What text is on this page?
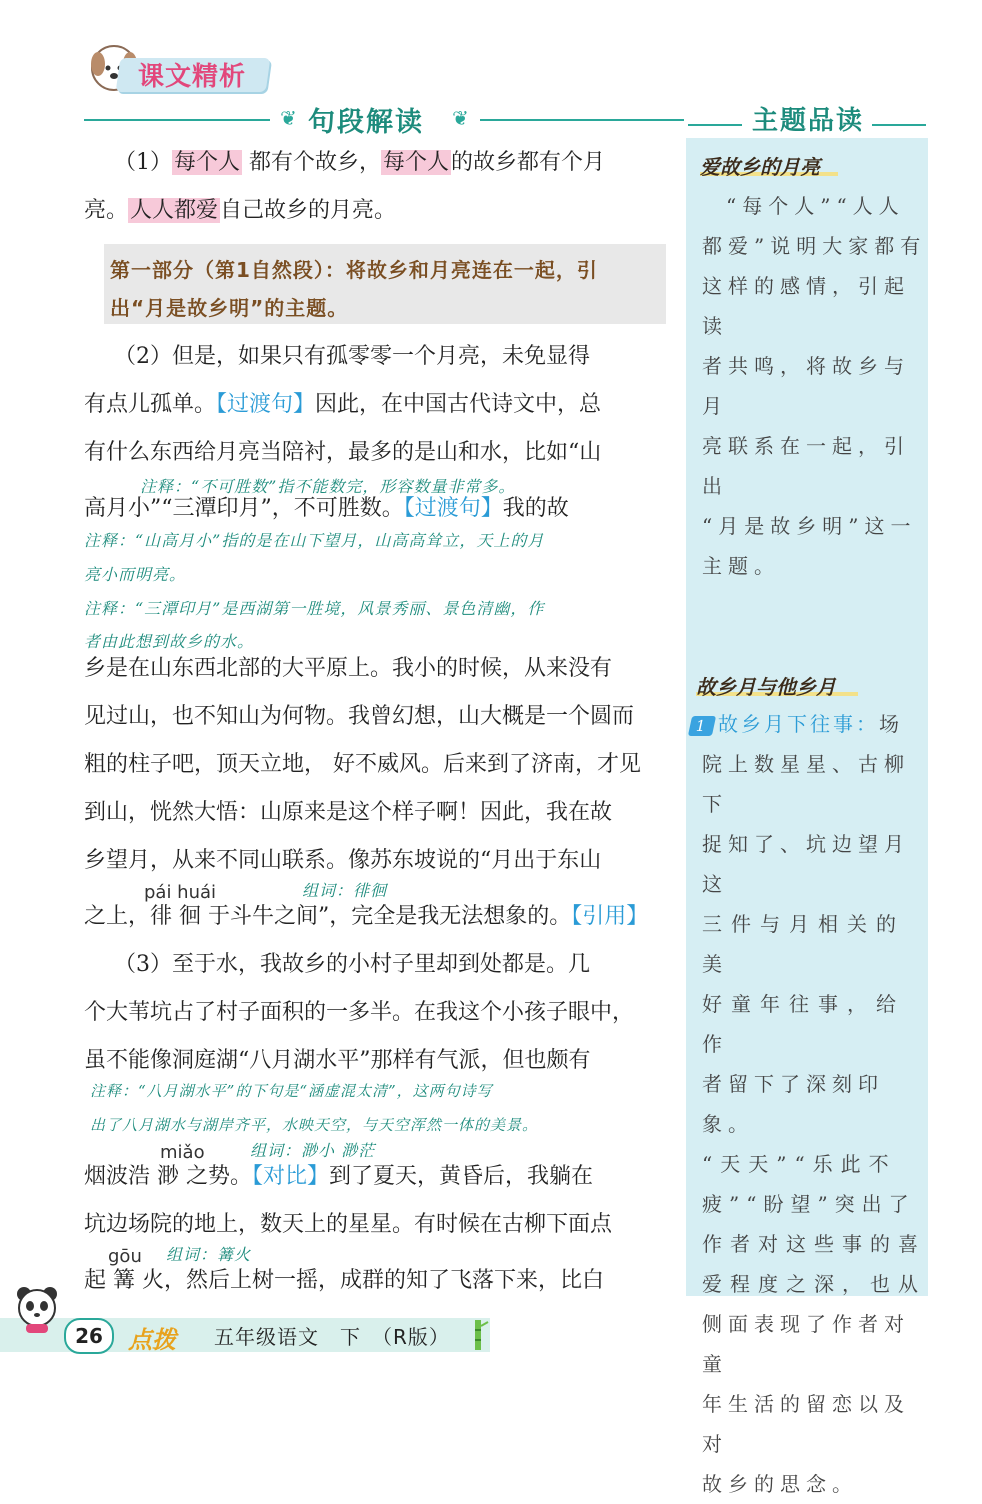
课文精析
❦ 句段解读 ❦	主题品读
爱故乡的月亮
“每个人”“人人
都爱”说明大家都有
这样的感情，引起读
者共鸣，将故乡与月
亮联系在一起，引出
“月是故乡明”这一
主题。
故乡月与他乡月
1 故乡月下往事：场
院上数星星、古柳下
捉知了、坑边望月这
三件与月相关的美
好童年往事，给作
者留下了深刻印象。
“天天”“乐此不
疲”“盼望”突出了
作者对这些事的喜
爱程度之深，也从
侧面表现了作者对童
年生活的留恋以及对
故乡的思念。
（1）每个人 都有个故乡，每个人的故乡都有个月
亮。人人都爱自己故乡的月亮。
第一部分（第1自然段）：将故乡和月亮连在一起，引
出“月是故乡明”的主题。
（2）但是，如果只有孤零零一个月亮，未免显得
有点儿孤单。【过渡句】因此，在中国古代诗文中，总
有什么东西给月亮当陪衬，最多的是山和水，比如“山
注释：“不可胜数”指不能数完，形容数量非常多。
高月小”“三潭印月”，不可胜数。【过渡句】我的故
注释：“山高月小”指的是在山下望月，山高高耸立，天上的月
亮小而明亮。
注释：“三潭印月”是西湖第一胜境，风景秀丽、景色清幽，作
者由此想到故乡的水。
乡是在山东西北部的大平原上。我小的时候，从来没有
见过山，也不知山为何物。我曾幻想，山大概是一个圆而
粗的柱子吧，顶天立地， 好不威风。后来到了济南，才见
到山，恍然大悟：山原来是这个样子啊！因此，我在故
乡望月，从来不同山联系。像苏东坡说的“月出于东山
pái huái	组词：徘徊
之上，徘 徊 于斗牛之间”，完全是我无法想象的。【引用】
（3）至于水，我故乡的小村子里却到处都是。几
个大苇坑占了村子面积的一多半。在我这个小孩子眼中，
虽不能像洞庭湖“八月湖水平”那样有气派，但也颇有
注释：“八月湖水平”的下句是“涵虚混太清”，这两句诗写
出了八月湖水与湖岸齐平，水映天空，与天空浑然一体的美景。
miǎo	组词：渺小 渺茫
烟波浩 渺 之势。【对比】到了夏天，黄昏后，我躺在
坑边场院的地上，数天上的星星。有时候在古柳下面点
gōu 组词：篝火
起 篝 火，然后上树一摇，成群的知了飞落下来，比白
26	点拨 五年级语文　下　（R版）
